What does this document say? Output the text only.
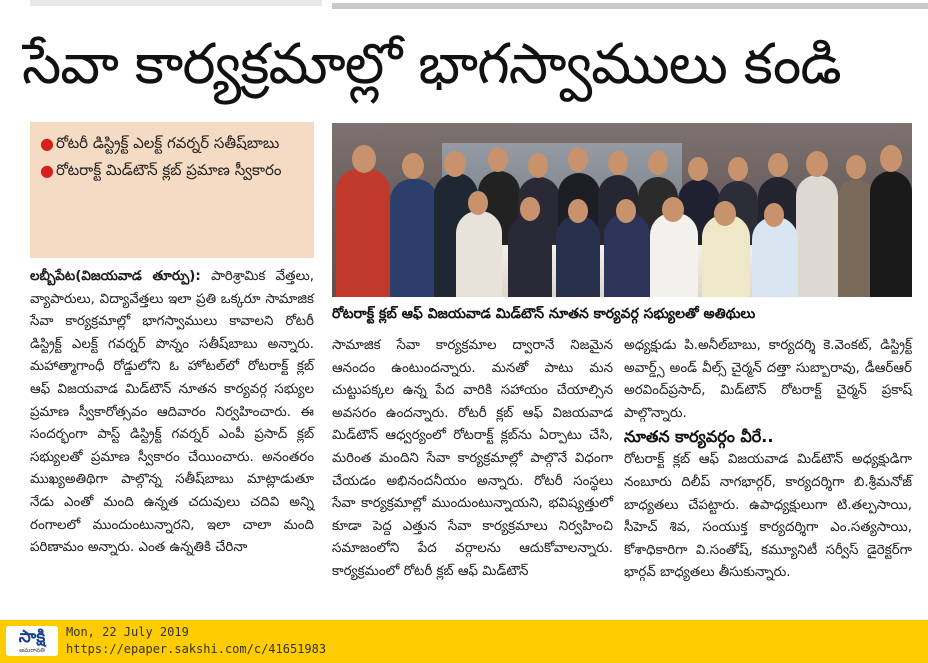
సేవా కార్యక్రమాల్లో భాగస్వాములు కండి
● రోటరీ డిస్ట్రిక్ట్ ఎలక్ట్ గవర్నర్ సతీష్‌బాబు
● రోటరాక్ట్ మిడ్‌టౌన్ క్లబ్ ప్రమాణ స్వీకారం
రోటరాక్ట్ క్లబ్ ఆఫ్ విజయవాడ మిడ్‌టౌన్ నూతన కార్యవర్గ సభ్యులతో అతిథులు
లబ్బీపేట(విజయవాడ తూర్పు): పారిశ్రామిక వేత్తలు, వ్యాపారులు, విద్యావేత్తలు ఇలా ప్రతి ఒక్కరూ సామాజిక సేవా కార్యక్రమాల్లో భాగస్వాములు కావాలని రోటరీ డిస్ట్రిక్ట్ ఎలక్ట్ గవర్నర్ పొన్నం సతీష్‌బాబు అన్నారు. మహాత్మాగాంధీ రోడ్డులోని ఓ హోటల్‌లో రోటరాక్ట్ క్లబ్ ఆఫ్ విజయవాడ మిడ్‌టౌన్ నూతన కార్యవర్గ సభ్యుల ప్రమాణ స్వీకారోత్సవం ఆదివారం నిర్వహించారు. ఈ సందర్భంగా పాస్ట్ డిస్ట్రిక్ట్ గవర్నర్ ఎంపీ ప్రసాద్ క్లబ్ సభ్యులతో ప్రమాణ స్వీకారం చేయించారు. అనంతరం ముఖ్యఅతిథిగా పాల్గొన్న సతీష్‌బాబు మాట్లాడుతూ నేడు ఎంతో మంది ఉన్నత చదువులు చదివి అన్ని రంగాలలో ముందుంటున్నారని, ఇలా చాలా మంది పరిణామం అన్నారు. ఎంత ఉన్నతికి చేరినా
సామాజిక సేవా కార్యక్రమాల ద్వారానే నిజమైన ఆనందం ఉంటుందన్నారు. మనతో పాటు మన చుట్టుపక్కల ఉన్న పేద వారికి సహాయం చేయాల్సిన అవసరం ఉందన్నారు. రోటరీ క్లబ్ ఆఫ్ విజయవాడ మిడ్‌టౌన్ ఆధ్వర్యంలో రోటరాక్ట్ క్లబ్‌ను ఏర్పాటు చేసి, మరింత మందిని సేవా కార్యక్రమాల్లో పాల్గొనే విధంగా చేయడం అభినందనీయం అన్నారు. రోటరీ సంస్థలు సేవా కార్యక్రమాల్లో ముందుంటున్నాయని, భవిష్యత్తులో కూడా పెద్ద ఎత్తున సేవా కార్యక్రమాలు నిర్వహించి సమాజంలోని పేద వర్గాలను ఆదుకోవాలన్నారు. కార్యక్రమంలో రోటరీ క్లబ్ ఆఫ్ మిడ్‌టౌన్
అధ్యక్షుడు పి.అనీల్‌బాబు, కార్యదర్శి కె.వెంకట్, డిస్ట్రిక్ట్ అవార్డ్స్ అండ్ వీల్స్ చైర్మన్ దత్తా సుబ్బారావు, డీఆర్‌ఆర్ అరవింద్‌ప్రసాద్, మిడ్‌టౌన్ రోటరాక్ట్ చైర్మన్ ప్రకాష్ పాల్గొన్నారు.
నూతన కార్యవర్గం వీరే..
రోటరాక్ట్ క్లబ్ ఆఫ్ విజయవాడ మిడ్‌టౌన్ అధ్యక్షుడిగా నంబూరు దిలీప్ నాగభార్గర్, కార్యదర్శిగా బి.శ్రీమనోజ్ బాధ్యతలు చేపట్టారు. ఉపాధ్యక్షులుగా టి.తల్పసాయి, సీహెచ్ శివ, సంయుక్త కార్యదర్శిగా ఎం.సత్యసాయి, కోశాధికారిగా వి.సంతోష్, కమ్యూనిటీ సర్వీస్ డైరెక్టర్‌గా భార్గవ్ బాధ్యతలు తీసుకున్నారు.
సాక్షి
అమరావతి
Mon, 22 July 2019
https://epaper.sakshi.com/c/41651983
